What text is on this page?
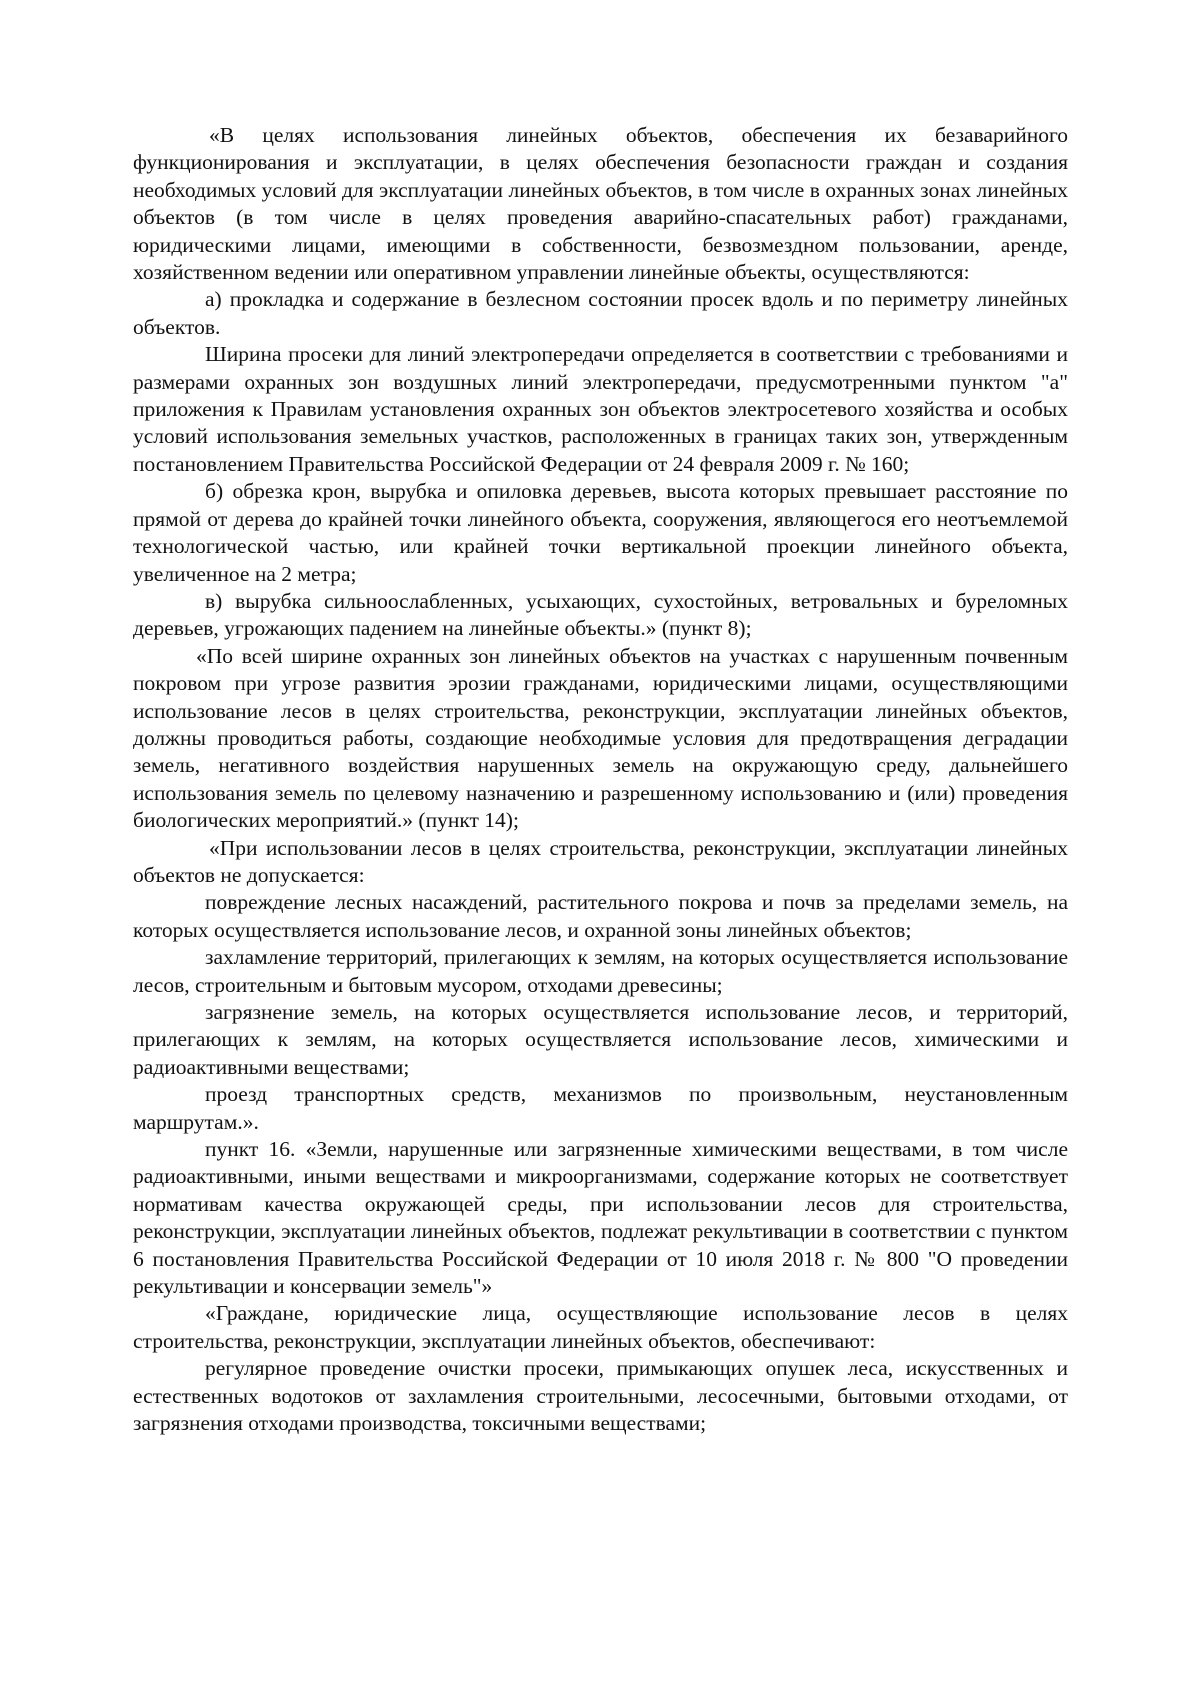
«В целях использования линейных объектов, обеспечения их безаварийного функционирования и эксплуатации, в целях обеспечения безопасности граждан и создания необходимых условий для эксплуатации линейных объектов, в том числе в охранных зонах линейных объектов (в том числе в целях проведения аварийно-спасательных работ) гражданами, юридическими лицами, имеющими в собственности, безвозмездном пользовании, аренде, хозяйственном ведении или оперативном управлении линейные объекты, осуществляются:

а) прокладка и содержание в безлесном состоянии просек вдоль и по периметру линейных объектов.

Ширина просеки для линий электропередачи определяется в соответствии с требованиями и размерами охранных зон воздушных линий электропередачи, предусмотренными пунктом "а" приложения к Правилам установления охранных зон объектов электросетевого хозяйства и особых условий использования земельных участков, расположенных в границах таких зон, утвержденным постановлением Правительства Российской Федерации от 24 февраля 2009 г. № 160;

б) обрезка крон, вырубка и опиловка деревьев, высота которых превышает расстояние по прямой от дерева до крайней точки линейного объекта, сооружения, являющегося его неотъемлемой технологической частью, или крайней точки вертикальной проекции линейного объекта, увеличенное на 2 метра;

в) вырубка сильноослабленных, усыхающих, сухостойных, ветровальных и буреломных деревьев, угрожающих падением на линейные объекты.» (пункт 8);

«По всей ширине охранных зон линейных объектов на участках с нарушенным почвенным покровом при угрозе развития эрозии гражданами, юридическими лицами, осуществляющими использование лесов в целях строительства, реконструкции, эксплуатации линейных объектов, должны проводиться работы, создающие необходимые условия для предотвращения деградации земель, негативного воздействия нарушенных земель на окружающую среду, дальнейшего использования земель по целевому назначению и разрешенному использованию и (или) проведения биологических мероприятий.» (пункт 14);

«При использовании лесов в целях строительства, реконструкции, эксплуатации линейных объектов не допускается:

повреждение лесных насаждений, растительного покрова и почв за пределами земель, на которых осуществляется использование лесов, и охранной зоны линейных объектов;

захламление территорий, прилегающих к землям, на которых осуществляется использование лесов, строительным и бытовым мусором, отходами древесины;

загрязнение земель, на которых осуществляется использование лесов, и территорий, прилегающих к землям, на которых осуществляется использование лесов, химическими и радиоактивными веществами;

проезд транспортных средств, механизмов по произвольным, неустановленным маршрутам.».

пункт 16. «Земли, нарушенные или загрязненные химическими веществами, в том числе радиоактивными, иными веществами и микроорганизмами, содержание которых не соответствует нормативам качества окружающей среды, при использовании лесов для строительства, реконструкции, эксплуатации линейных объектов, подлежат рекультивации в соответствии с пунктом 6 постановления Правительства Российской Федерации от 10 июля 2018 г. № 800 "О проведении рекультивации и консервации земель"»

«Граждане, юридические лица, осуществляющие использование лесов в целях строительства, реконструкции, эксплуатации линейных объектов, обеспечивают:

регулярное проведение очистки просеки, примыкающих опушек леса, искусственных и естественных водотоков от захламления строительными, лесосечными, бытовыми отходами, от загрязнения отходами производства, токсичными веществами;
